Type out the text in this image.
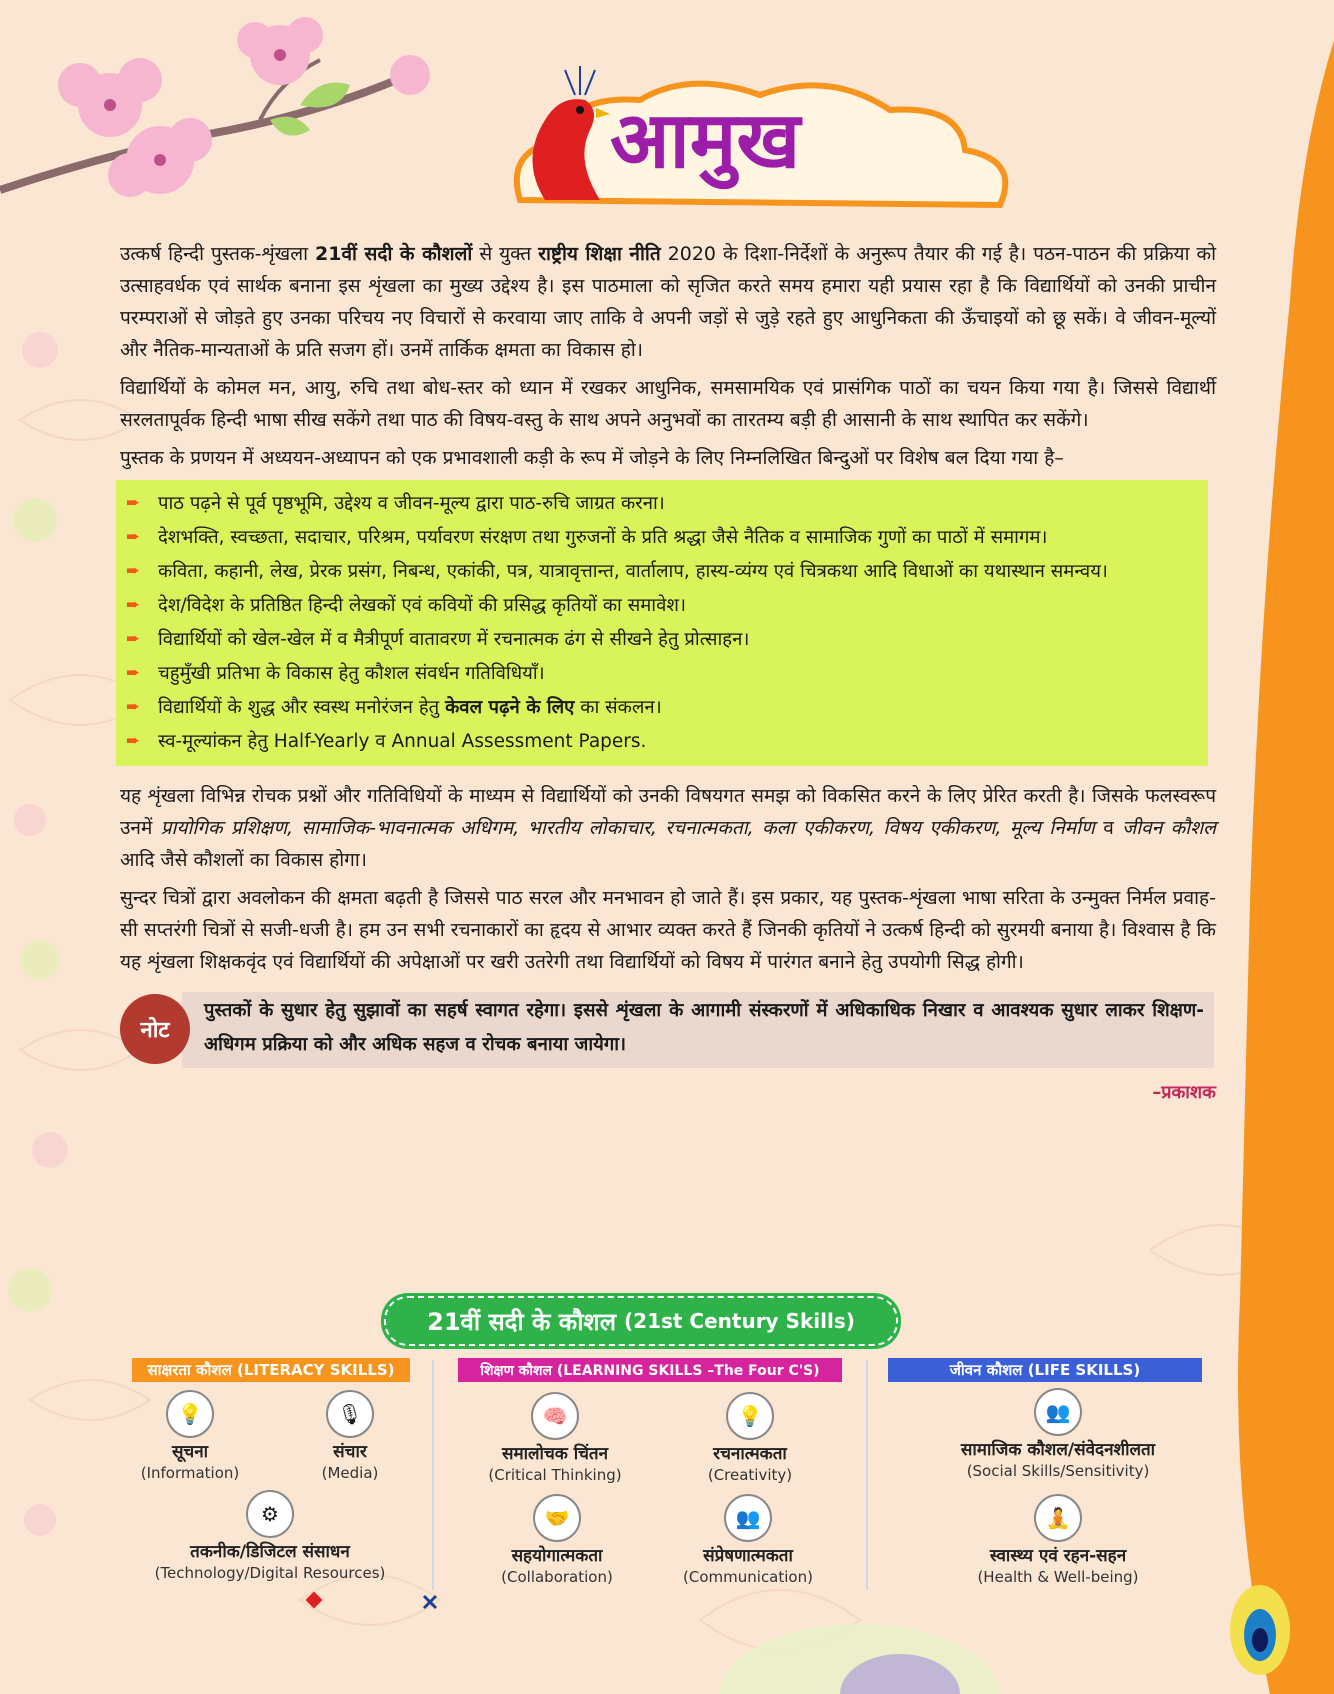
आमुख

उत्कर्ष हिन्दी पुस्तक-शृंखला 21वीं सदी के कौशलों से युक्त राष्ट्रीय शिक्षा नीति 2020 के दिशा-निर्देशों के अनुरूप तैयार की गई है। पठन-पाठन की प्रक्रिया को उत्साहवर्धक एवं सार्थक बनाना इस शृंखला का मुख्य उद्देश्य है। इस पाठमाला को सृजित करते समय हमारा यही प्रयास रहा है कि विद्यार्थियों को उनकी प्राचीन परम्पराओं से जोड़ते हुए उनका परिचय नए विचारों से करवाया जाए ताकि वे अपनी जड़ों से जुड़े रहते हुए आधुनिकता की ऊँचाइयों को छू सकें। वे जीवन-मूल्यों और नैतिक-मान्यताओं के प्रति सजग हों। उनमें तार्किक क्षमता का विकास हो।

विद्यार्थियों के कोमल मन, आयु, रुचि तथा बोध-स्तर को ध्यान में रखकर आधुनिक, समसामयिक एवं प्रासंगिक पाठों का चयन किया गया है। जिससे विद्यार्थी सरलतापूर्वक हिन्दी भाषा सीख सकेंगे तथा पाठ की विषय-वस्तु के साथ अपने अनुभवों का तारतम्य बड़ी ही आसानी के साथ स्थापित कर सकेंगे।

पुस्तक के प्रणयन में अध्ययन-अध्यापन को एक प्रभावशाली कड़ी के रूप में जोड़ने के लिए निम्नलिखित बिन्दुओं पर विशेष बल दिया गया है–

➨ पाठ पढ़ने से पूर्व पृष्ठभूमि, उद्देश्य व जीवन-मूल्य द्वारा पाठ-रुचि जाग्रत करना।
➨ देशभक्ति, स्वच्छता, सदाचार, परिश्रम, पर्यावरण संरक्षण तथा गुरुजनों के प्रति श्रद्धा जैसे नैतिक व सामाजिक गुणों का पाठों में समागम।
➨ कविता, कहानी, लेख, प्रेरक प्रसंग, निबन्ध, एकांकी, पत्र, यात्रावृत्तान्त, वार्तालाप, हास्य-व्यंग्य एवं चित्रकथा आदि विधाओं का यथास्थान समन्वय।
➨ देश/विदेश के प्रतिष्ठित हिन्दी लेखकों एवं कवियों की प्रसिद्ध कृतियों का समावेश।
➨ विद्यार्थियों को खेल-खेल में व मैत्रीपूर्ण वातावरण में रचनात्मक ढंग से सीखने हेतु प्रोत्साहन।
➨ चहुमुँखी प्रतिभा के विकास हेतु कौशल संवर्धन गतिविधियाँ।
➨ विद्यार्थियों के शुद्ध और स्वस्थ मनोरंजन हेतु केवल पढ़ने के लिए का संकलन।
➨ स्व-मूल्यांकन हेतु Half-Yearly व Annual Assessment Papers.

यह शृंखला विभिन्न रोचक प्रश्नों और गतिविधियों के माध्यम से विद्यार्थियों को उनकी विषयगत समझ को विकसित करने के लिए प्रेरित करती है। जिसके फलस्वरूप उनमें प्रायोगिक प्रशिक्षण, सामाजिक-भावनात्मक अधिगम, भारतीय लोकाचार, रचनात्मकता, कला एकीकरण, विषय एकीकरण, मूल्य निर्माण व जीवन कौशल आदि जैसे कौशलों का विकास होगा।

सुन्दर चित्रों द्वारा अवलोकन की क्षमता बढ़ती है जिससे पाठ सरल और मनभावन हो जाते हैं। इस प्रकार, यह पुस्तक-शृंखला भाषा सरिता के उन्मुक्त निर्मल प्रवाह-सी सप्तरंगी चित्रों से सजी-धजी है। हम उन सभी रचनाकारों का हृदय से आभार व्यक्त करते हैं जिनकी कृतियों ने उत्कर्ष हिन्दी को सुरमयी बनाया है। विश्वास है कि यह शृंखला शिक्षकवृंद एवं विद्यार्थियों की अपेक्षाओं पर खरी उतरेगी तथा विद्यार्थियों को विषय में पारंगत बनाने हेतु उपयोगी सिद्ध होगी।

नोट
पुस्तकों के सुधार हेतु सुझावों का सहर्ष स्वागत रहेगा। इससे शृंखला के आगामी संस्करणों में अधिकाधिक निखार व आवश्यक सुधार लाकर शिक्षण-अधिगम प्रक्रिया को और अधिक सहज व रोचक बनाया जायेगा।
–प्रकाशक
21वीं सदी के कौशल (21st Century Skills)
साक्षरता कौशल (LITERACY SKILLS)	शिक्षण कौशल (LEARNING SKILLS –The Four C'S)	जीवन कौशल (LIFE SKILLS)
💡
सूचना
(Information)
🎙
संचार
(Media)
⚙
तकनीक/डिजिटल संसाधन
(Technology/Digital Resources)
🧠
समालोचक चिंतन
(Critical Thinking)
💡
रचनात्मकता
(Creativity)
🤝
सहयोगात्मकता
(Collaboration)
👥
संप्रेषणात्मकता
(Communication)
👥
सामाजिक कौशल/संवेदनशीलता
(Social Skills/Sensitivity)
🧘
स्वास्थ्य एवं रहन-सहन
(Health & Well-being)
